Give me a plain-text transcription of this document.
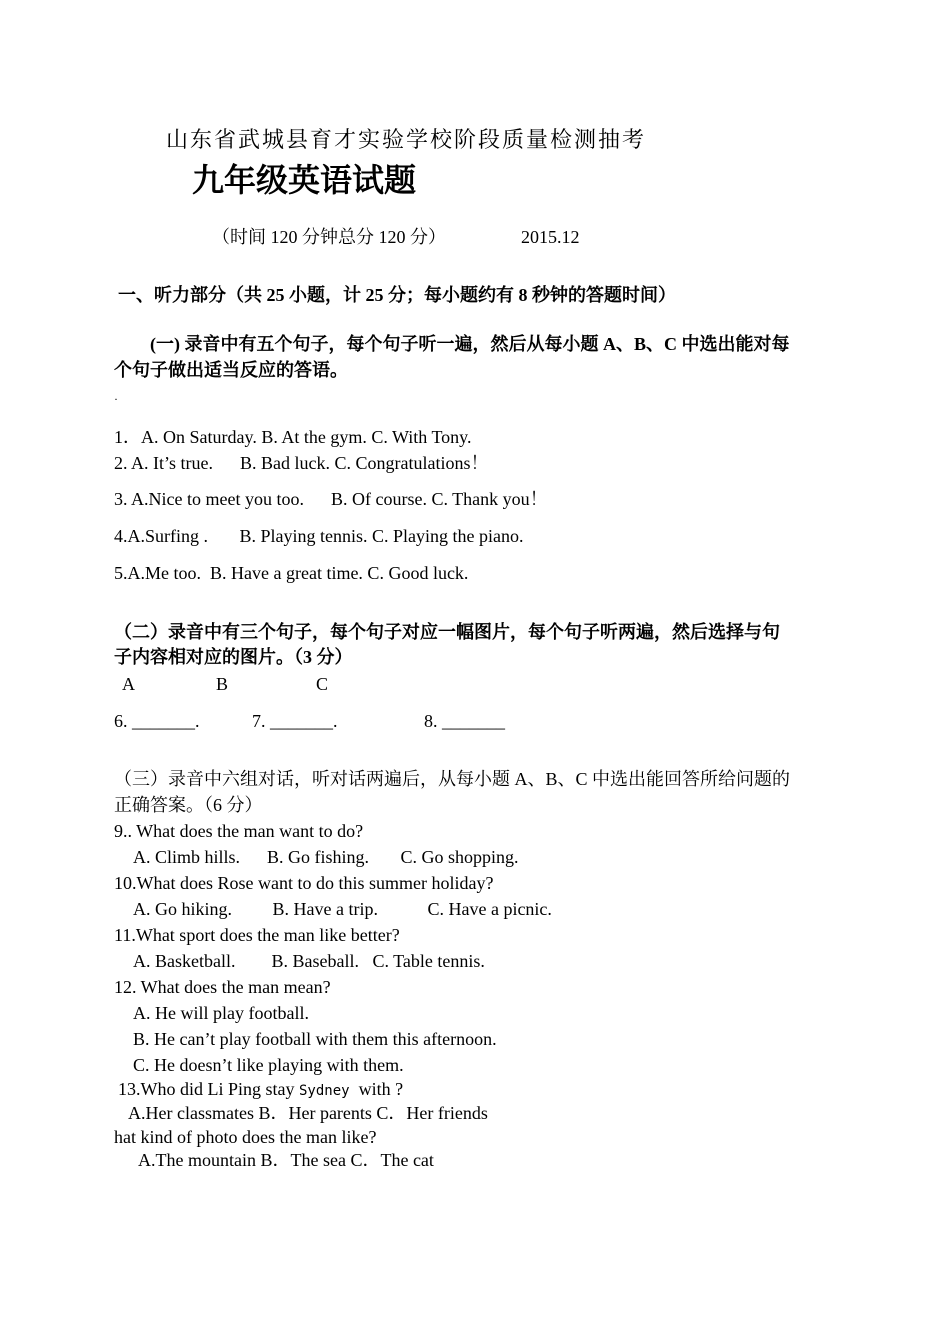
山东省武城县育才实验学校阶段质量检测抽考
九年级英语试题
（时间 120 分钟总分 120 分）	2015.12
一、听力部分（共 25 小题，计 25 分；每小题约有 8 秒钟的答题时间）
(一) 录音中有五个句子，每个句子听一遍，然后从每小题 A、B、C 中选出能对每
个句子做出适当反应的答语。
·
1．A. On Saturday. B. At the gym. C. With Tony.
2. A. It’s true.      B. Bad luck. C. Congratulations！
3. A.Nice to meet you too.      B. Of course. C. Thank you！
4.A.Surfing .       B. Playing tennis. C. Playing the piano.
5.A.Me too.  B. Have a great time. C. Good luck.
（二）录音中有三个句子，每个句子对应一幅图片，每个句子听两遍，然后选择与句
子内容相对应的图片。（3 分）
A	B	C
6. _______.	7. _______.	8. _______
（三）录音中六组对话，听对话两遍后，从每小题 A、B、C 中选出能回答所给问题的
正确答案。（6 分）
9.. What does the man want to do?
A. Climb hills.      B. Go fishing.       C. Go shopping.
10.What does Rose want to do this summer holiday?
A. Go hiking.         B. Have a trip.           C. Have a picnic.
11.What sport does the man like better?
A. Basketball.        B. Baseball.   C. Table tennis.
12. What does the man mean?
A. He will play football.
B. He can’t play football with them this afternoon.
C. He doesn’t like playing with them.
13.Who did Li Ping stay Sydney  with ?
A.Her classmates B．Her parents C．Her friends
hat kind of photo does the man like?
A.The mountain B．The sea C．The cat
